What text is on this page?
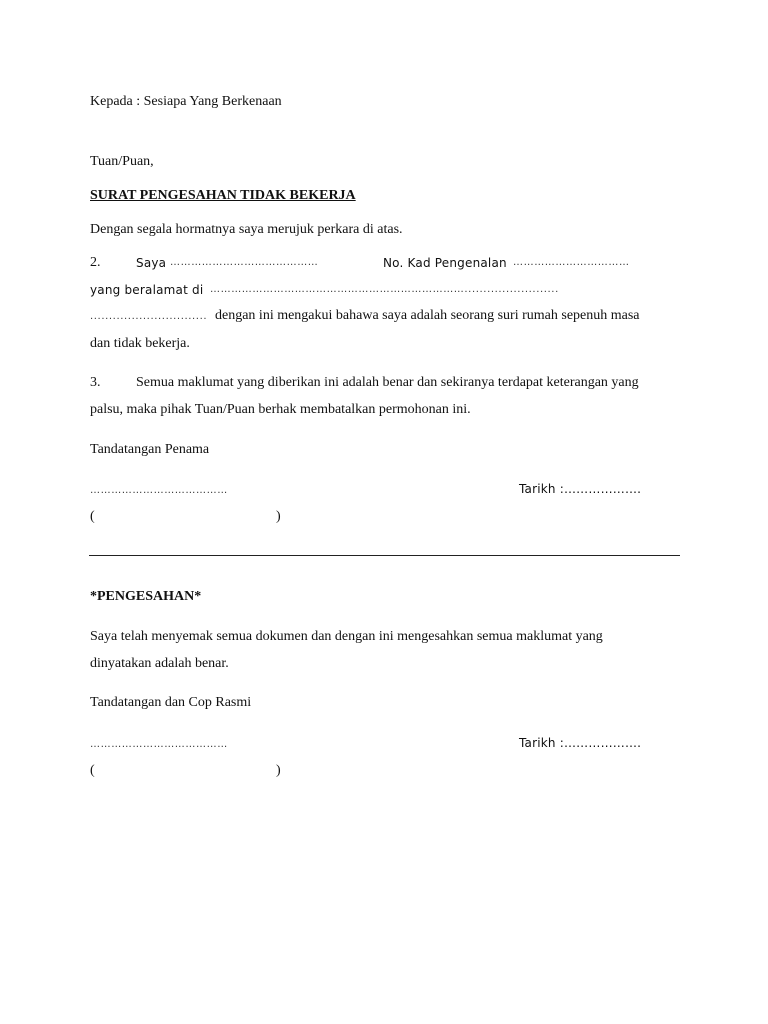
Kepada : Sesiapa Yang Berkenaan
Tuan/Puan,
SURAT PENGESAHAN TIDAK BEKERJA
Dengan segala hormatnya saya merujuk perkara di atas.
2.	Saya ……………………………………	No. Kad Pengenalan ……………………………
yang beralamat di ……………………………………………………………….........................
............................... dengan ini mengakui bahawa saya adalah seorang suri rumah sepenuh masa
dan tidak bekerja.
3.	Semua maklumat yang diberikan ini adalah benar dan sekiranya terdapat keterangan yang
palsu, maka pihak Tuan/Puan berhak membatalkan permohonan ini.
Tandatangan Penama
…………………………………	Tarikh :……………….
(	)
*PENGESAHAN*
Saya telah menyemak semua dokumen dan dengan ini mengesahkan semua maklumat yang
dinyatakan adalah benar.
Tandatangan dan Cop Rasmi
…………………………………	Tarikh :……………….
(	)
